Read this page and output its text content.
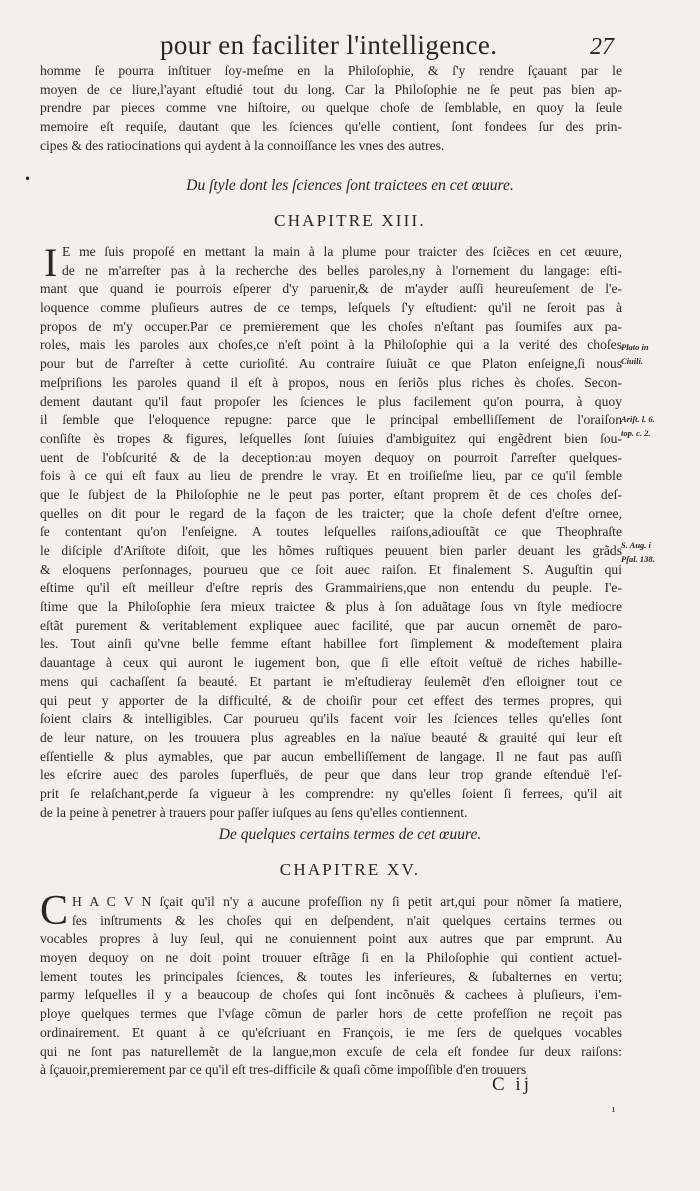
pour en faciliter l'intelligence.	27
homme ſe pourra inſtituer ſoy-meſme en la Philoſophie, & ſ'y rendre ſçauant par le
moyen de ce liure,l'ayant eſtudié tout du long. Car la Philoſophie ne ſe peut pas bien ap-
prendre par pieces comme vne hiſtoire, ou quelque choſe de ſemblable, en quoy la ſeule
memoire eſt requiſe, dautant que les ſciences qu'elle contient, ſont fondees ſur des prin-
cipes & des ratiocinations qui aydent à la connoiſſance les vnes des autres.
•	Du ſtyle dont les ſciences ſont traictees en cet œuure.
CHAPITRE XIII.
I E me ſuis propoſé en mettant la main à la plume pour traicter des ſciẽces en cet œuure,
de ne m'arreſter pas à la recherche des belles paroles,ny à l'ornement du langage: eſti-
mant que quand ie pourrois eſperer d'y paruenir,& de m'ayder auſſi heureuſement de l'e-
loquence comme pluſieurs autres de ce temps, leſquels ſ'y eſtudient: qu'il ne ſeroit pas à
propos de m'y occuper.Par ce premierement que les choſes n'eſtant pas ſoumiſes aux pa-
roles, mais les paroles aux choſes,ce n'eſt point à la Philoſophie qui a la verité des choſes
pour but de ſ'arreſter à cette curioſité. Au contraire ſuiuãt ce que Platon enſeigne,ſi nous
meſpriſions les paroles quand il eſt à propos, nous en ſeriõs plus riches ès choſes. Secon-
dement dautant qu'il faut propoſer les ſciences le plus facilement qu'on pourra, à quoy
il ſemble que l'eloquence repugne: parce que le principal embelliſſement de l'oraiſon
conſiſte ès tropes & figures, leſquelles ſont ſuiuies d'ambiguitez qui engẽdrent bien ſou-
uent de l'obſcurité & de la deception:au moyen dequoy on pourroit ſ'arreſter quelques-
fois à ce qui eſt faux au lieu de prendre le vray. Et en troiſieſme lieu, par ce qu'il ſemble
que le ſubjeɛt de la Philoſophie ne le peut pas porter, eſtant proprem ẽt de ces choſes deſ-
quelles on dit pour le regard de la façon de les traicter; que la choſe defent d'eſtre ornee,
ſe contentant qu'on l'enſeigne. A toutes leſquelles raiſons,adiouſtãt ce que Theophraſte
le diſciple d'Ariſtote diſoit, que les hõmes ruſtiques peuuent bien parler deuant les grãds
& eloquens perſonnages, pourueu que ce ſoit auec raiſon. Et finalement S. Auguſtin qui
eſtime qu'il eſt meilleur d'eſtre repris des Grammairiens,que non entendu du peuple. I'e-
ſtime que la Philoſophie ſera mieux traictee & plus à ſon aduãtage ſous vn ſtyle mediocre
eſtãt purement & veritablement expliquee auec facilité, que par aucun ornemẽt de paro-
les. Tout ainſi qu'vne belle femme eſtant habillee fort ſimplement & modeſtement plaira
dauantage à ceux qui auront le iugement bon, que ſi elle eſtoit veſtuë de riches habille-
mens qui cachaſſent ſa beauté. Et partant ie m'eſtudieray ſeulemẽt d'en eſloigner tout ce
qui peut y apporter de la difficulté, & de choiſir pour cet effeɛt des termes propres, qui
ſoient clairs & intelligibles. Car pourueu qu'ils facent voir les ſciences telles qu'elles ſont
de leur nature, on les trouuera plus agreables en la naïue beauté & grauité qui leur eſt
eſſentielle & plus aymables, que par aucun embelliſſement de langage. Il ne faut pas auſſi
les eſcrire auec des paroles ſuperfluës, de peur que dans leur trop grande eſtenduë l'eſ-
prit ſe relaſchant,perde ſa vigueur à les comprendre: ny qu'elles ſoient ſi ferrees, qu'il ait
de la peine à penetrer à trauers pour paſſer iuſques au ſens qu'elles contiennent.
Plato in
Ciuili.
Ariſt. l. 6.
top. c. 2.
S. Aug. i
Pſal. 138.
De quelques certains termes de cet œuure.
CHAPITRE XV.
C H A C V N ſçait qu'il n'y a aucune profeſſion ny ſi petit art,qui pour nõmer ſa matiere,
ſes inſtruments & les choſes qui en deſpendent, n'ait quelques certains termes ou
vocables propres à luy ſeul, qui ne conuiennent point aux autres que par emprunt. Au
moyen dequoy on ne doit point trouuer eſtrãge ſi en la Philoſophie qui contient actuel-
lement toutes les principales ſciences, & toutes les inferieures, & ſubalternes en vertu;
parmy leſquelles il y a beaucoup de choſes qui ſont incõnuës & cachees à pluſieurs, i'em-
ploye quelques termes que l'vſage cõmun de parler hors de cette profeſſion ne reçoit pas
ordinairement. Et quant à ce qu'eſcriuant en François, ie me ſers de quelques vocables
qui ne ſont pas naturellemẽt de la langue,mon excuſe de cela eſt fondee ſur deux raiſons:
à ſçauoir,premierement par ce qu'il eſt tres-difficile & quaſi cõme impoſſible d'en trouuers
C ij
ı
